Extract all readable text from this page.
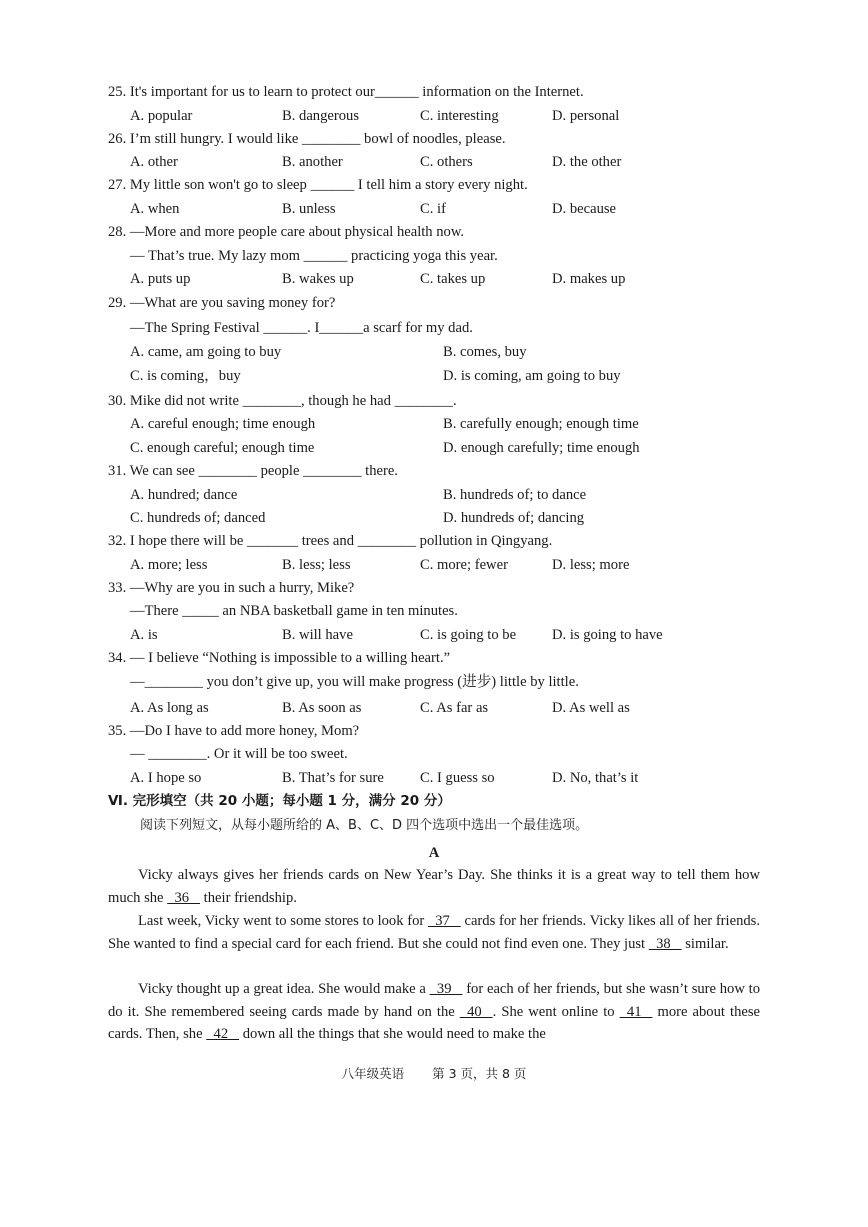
25. It's important for us to learn to protect our______ information on the Internet.
A. popular	B. dangerous	C. interesting	D. personal
26. I’m still hungry. I would like ________ bowl of noodles, please.
A. other	B. another	C. others	D. the other
27. My little son won't go to sleep ______ I tell him a story every night.
A. when	B. unless	C. if	D. because
28. —More and more people care about physical health now.
— That’s true. My lazy mom ______ practicing yoga this year.
A. puts up	B. wakes up	C. takes up	D. makes up
29. —What are you saving money for?
—The Spring Festival ______. I______a scarf for my dad.
A. came, am going to buy	B. comes, buy
C. is coming，buy	D. is coming, am going to buy
30. Mike did not write ________, though he had ________.
A. careful enough; time enough	B. carefully enough; enough time
C. enough careful; enough time	D. enough carefully; time enough
31. We can see ________ people ________ there.
A. hundred; dance	B. hundreds of; to dance
C. hundreds of; danced	D. hundreds of; dancing
32. I hope there will be _______ trees and ________ pollution in Qingyang.
A. more; less	B. less; less	C. more; fewer	D. less; more
33. —Why are you in such a hurry, Mike?
—There _____ an NBA basketball game in ten minutes.
A. is	B. will have	C. is going to be D. is going to have
34. — I believe “Nothing is impossible to a willing heart.”
—________ you don’t give up, you will make progress (进步) little by little.
A. As long as	B. As soon as	C. As far as	D. As well as
35. —Do I have to add more honey, Mom?
— ________. Or it will be too sweet.
A. I hope so	B. That’s for sure C. I guess so	D. No, that’s it
Ⅵ. 完形填空（共 20 小题；每小题 1 分，满分 20 分）
阅读下列短文，从每小题所给的 A、B、C、D 四个选项中选出一个最佳选项。
A
Vicky always gives her friends cards on New Year’s Day. She thinks it is a great way to tell them how much she   36    their friendship.
Last week, Vicky went to some stores to look for   37    cards for her friends. Vicky likes all of her friends. She wanted to find a special card for each friend. But she could not find even one. They just   38    similar.
Vicky thought up a great idea. She would make a   39    for each of her friends, but she wasn’t sure how to do it. She remembered seeing cards made by hand on the   40   . She went online to   41    more about these cards. Then, she   42    down all the things that she would need to make the
八年级英语 第 3 页，共 8 页
